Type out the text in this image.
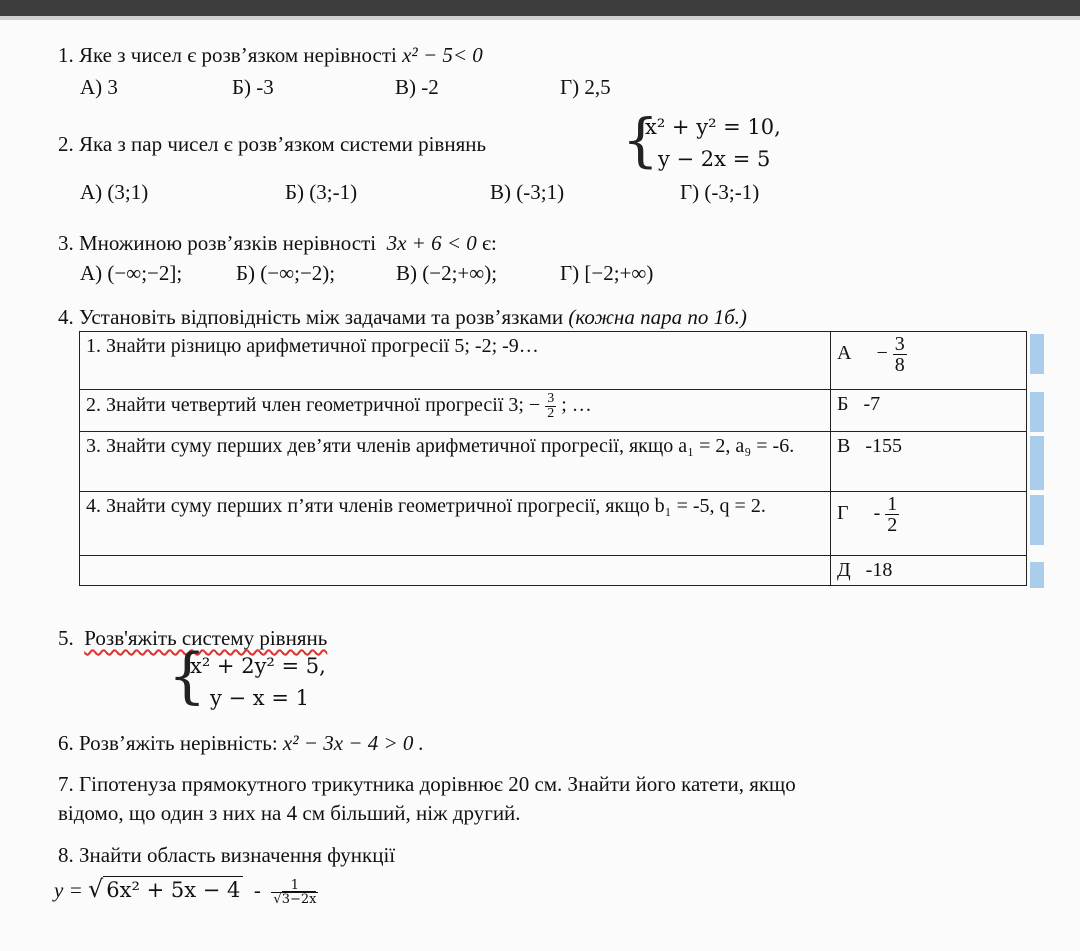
1. Яке з чисел є розв’язком нерівності x² − 5< 0
А) 3	Б) -3	В) -2	Г) 2,5
2. Яка з пар чисел є розв’язком системи рівнянь {
x² + y² = 10,
y − 2x = 5
А) (3;1)	Б) (3;-1)	В) (-3;1)	Г) (-3;-1)
3. Множиною розв’язків нерівності 3x + 6 < 0 є:
А) (−∞;−2];	Б) (−∞;−2);	В) (−2;+∞);	Г) [−2;+∞)
4. Установіть відповідність між задачами та розв’язками (кожна пара по 1б.)
1. Знайти різницю арифметичної прогресії 5; -2; -9…	$А - \frac{3}{8}$

2. Знайти четвертий член геометричної прогресії 3; − $\frac{3}{2}$ ; …	Б -7
3. Знайти суму перших дев’яти членів арифметичної прогресії, якщо a₁ = 2, a₉ = -6.	В -155
4. Знайти суму перших п’яти членів геометричної прогресії, якщо b₁ = -5, q = 2.	Г - $\frac{1}{2}$

	Д -18
5. Розв'яжіть систему рівнянь
{
x² + 2y² = 5,
y − x = 1
6. Розв’яжіть нерівність: x² − 3x − 4 > 0 .
7. Гіпотенуза прямокутного трикутника дорівнює 20 см. Знайти його катети, якщо
відомо, що один з них на 4 см більший, ніж другий.
8. Знайти область визначення функції
y = √ $6x^2 + 5x - 4 - \frac{1}{√3-2x}$
